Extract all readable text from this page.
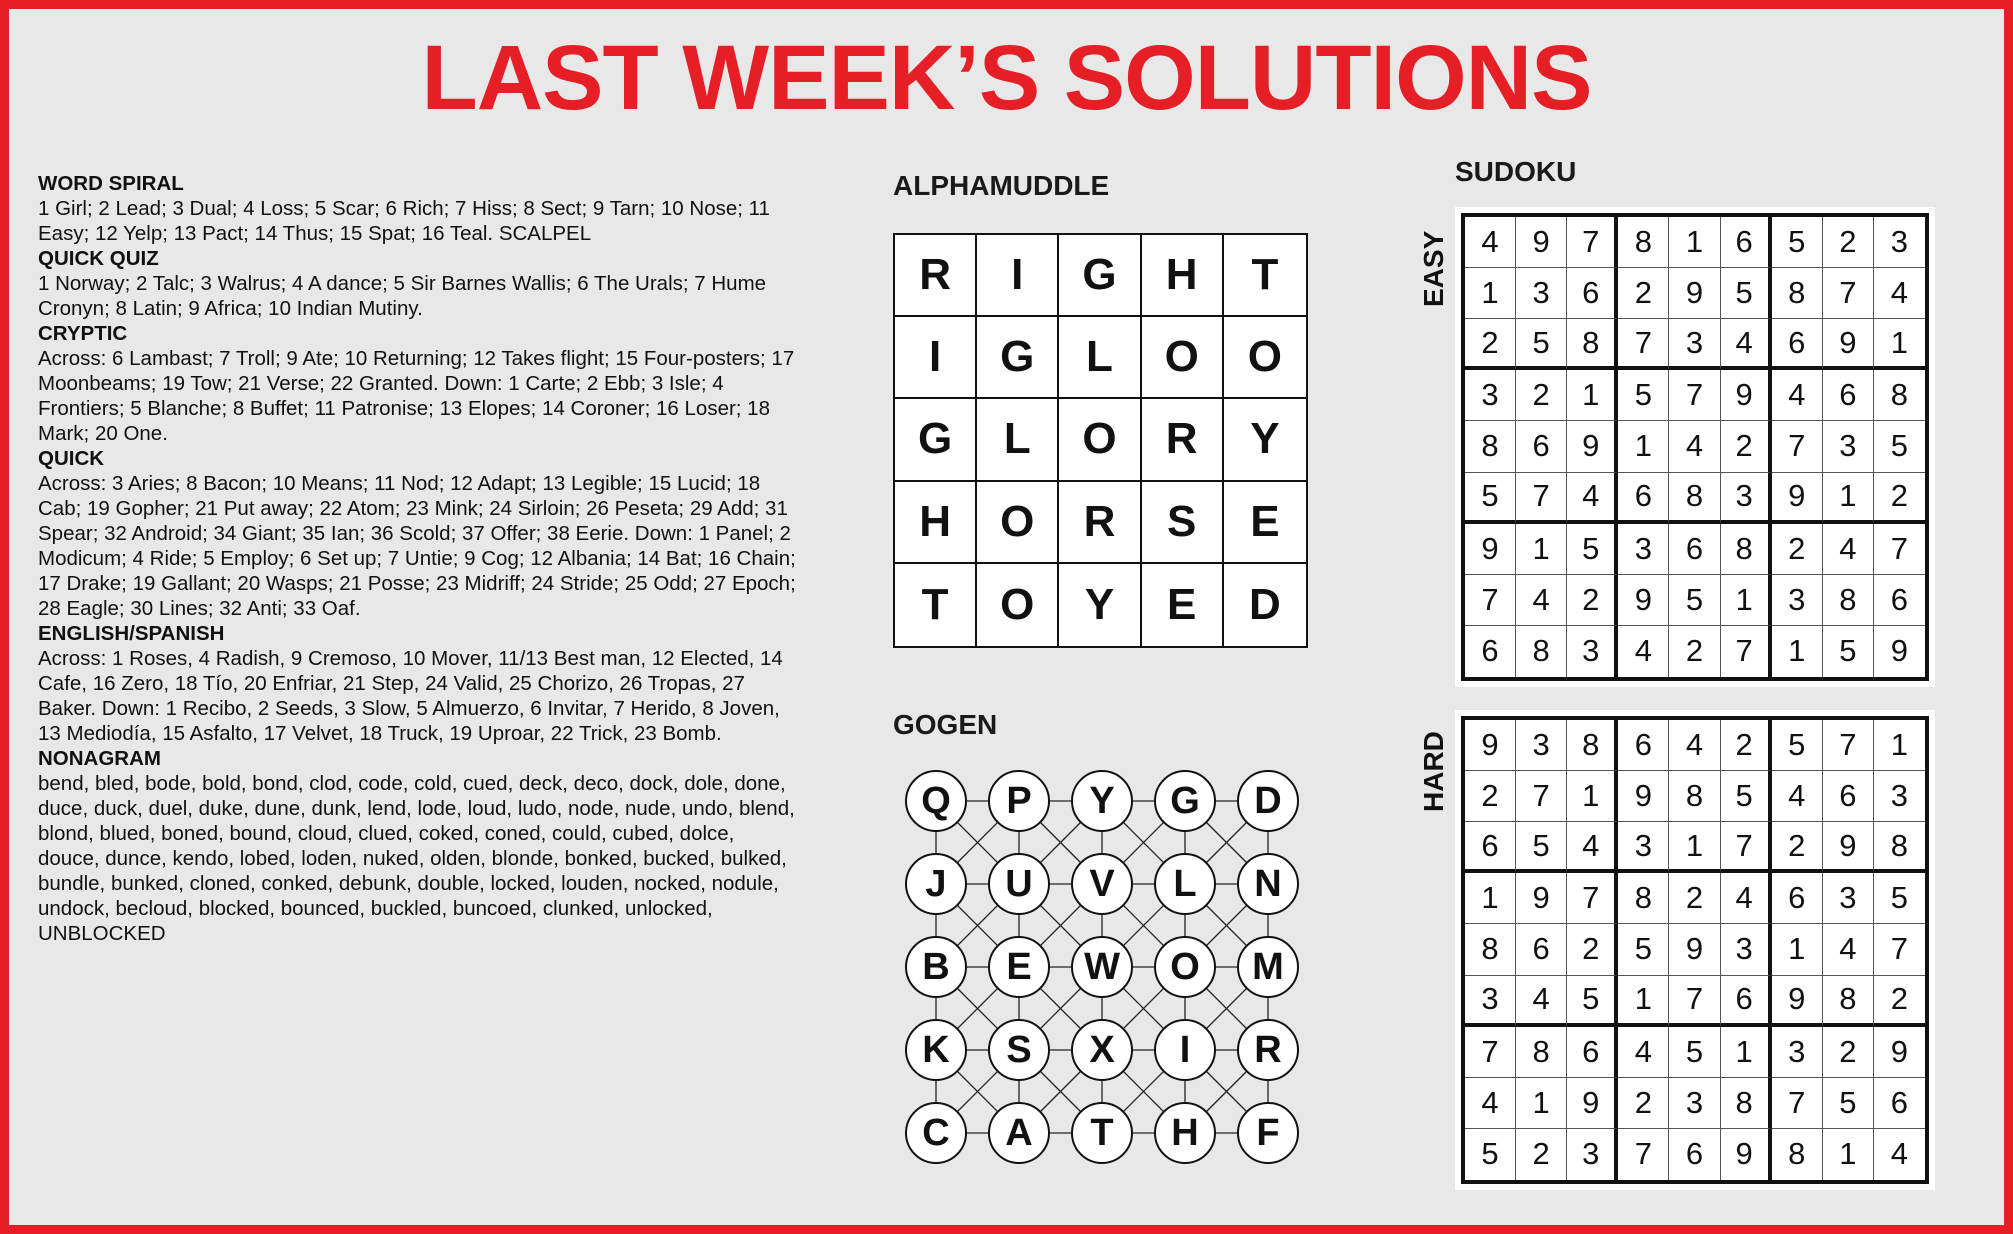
LAST WEEK’S SOLUTIONS
WORD SPIRAL

1 Girl; 2 Lead; 3 Dual; 4 Loss; 5 Scar; 6 Rich; 7 Hiss; 8 Sect; 9 Tarn; 10 Nose; 11 Easy; 12 Yelp; 13 Pact; 14 Thus; 15 Spat; 16 Teal. SCALPEL

QUICK QUIZ

1 Norway; 2 Talc; 3 Walrus; 4 A dance; 5 Sir Barnes Wallis; 6 The Urals; 7 Hume Cronyn; 8 Latin; 9 Africa; 10 Indian Mutiny.

CRYPTIC

Across: 6 Lambast; 7 Troll; 9 Ate; 10 Returning; 12 Takes flight; 15 Four-posters; 17 Moonbeams; 19 Tow; 21 Verse; 22 Granted. Down: 1 Carte; 2 Ebb; 3 Isle; 4 Frontiers; 5 Blanche; 8 Buffet; 11 Patronise; 13 Elopes; 14 Coroner; 16 Loser; 18 Mark; 20 One.

QUICK

Across: 3 Aries; 8 Bacon; 10 Means; 11 Nod; 12 Adapt; 13 Legible; 15 Lucid; 18 Cab; 19 Gopher; 21 Put away; 22 Atom; 23 Mink; 24 Sirloin; 26 Peseta; 29 Add; 31 Spear; 32 Android; 34 Giant; 35 Ian; 36 Scold; 37 Offer; 38 Eerie. Down: 1 Panel; 2 Modicum; 4 Ride; 5 Employ; 6 Set up; 7 Untie; 9 Cog; 12 Albania; 14 Bat; 16 Chain; 17 Drake; 19 Gallant; 20 Wasps; 21 Posse; 23 Midriff; 24 Stride; 25 Odd; 27 Epoch; 28 Eagle; 30 Lines; 32 Anti; 33 Oaf.

ENGLISH/SPANISH

Across: 1 Roses, 4 Radish, 9 Cremoso, 10 Mover, 11/13 Best man, 12 Elected, 14 Cafe, 16 Zero, 18 Tío, 20 Enfriar, 21 Step, 24 Valid, 25 Chorizo, 26 Tropas, 27 Baker. Down: 1 Recibo, 2 Seeds, 3 Slow, 5 Almuerzo, 6 Invitar, 7 Herido, 8 Joven, 13 Mediodía, 15 Asfalto, 17 Velvet, 18 Truck, 19 Uproar, 22 Trick, 23 Bomb.

NONAGRAM

bend, bled, bode, bold, bond, clod, code, cold, cued, deck, deco, dock, dole, done, duce, duck, duel, duke, dune, dunk, lend, lode, loud, ludo, node, nude, undo, blend, blond, blued, boned, bound, cloud, clued, coked, coned, could, cubed, dolce, douce, dunce, kendo, lobed, loden, nuked, olden, blonde, bonked, bucked, bulked, bundle, bunked, cloned, conked, debunk, double, locked, louden, nocked, nodule, undock, becloud, blocked, bounced, buckled, buncoed, clunked, unlocked, UNBLOCKED

ALPHAMUDDLE
R	I	G	H	T
I	G	L	O	O
G	L	O	R	Y
H	O	R	S	E
T	O	Y	E	D
GOGEN
Q	P	Y	G	D
J	U	V	L	N
B	E	W	O	M
K	S	X	I	R
C	A	T	H	F
SUDOKU
EASY	4	9	7	8	1	6	5	2	3
1	3	6	2	9	5	8	7	4
2	5	8	7	3	4	6	9	1
3	2	1	5	7	9	4	6	8
8	6	9	1	4	2	7	3	5
5	7	4	6	8	3	9	1	2
9	1	5	3	6	8	2	4	7
7	4	2	9	5	1	3	8	6
6	8	3	4	2	7	1	5	9
HARD	9	3	8	6	4	2	5	7	1
2	7	1	9	8	5	4	6	3
6	5	4	3	1	7	2	9	8
1	9	7	8	2	4	6	3	5
8	6	2	5	9	3	1	4	7
3	4	5	1	7	6	9	8	2
7	8	6	4	5	1	3	2	9
4	1	9	2	3	8	7	5	6
5	2	3	7	6	9	8	1	4
